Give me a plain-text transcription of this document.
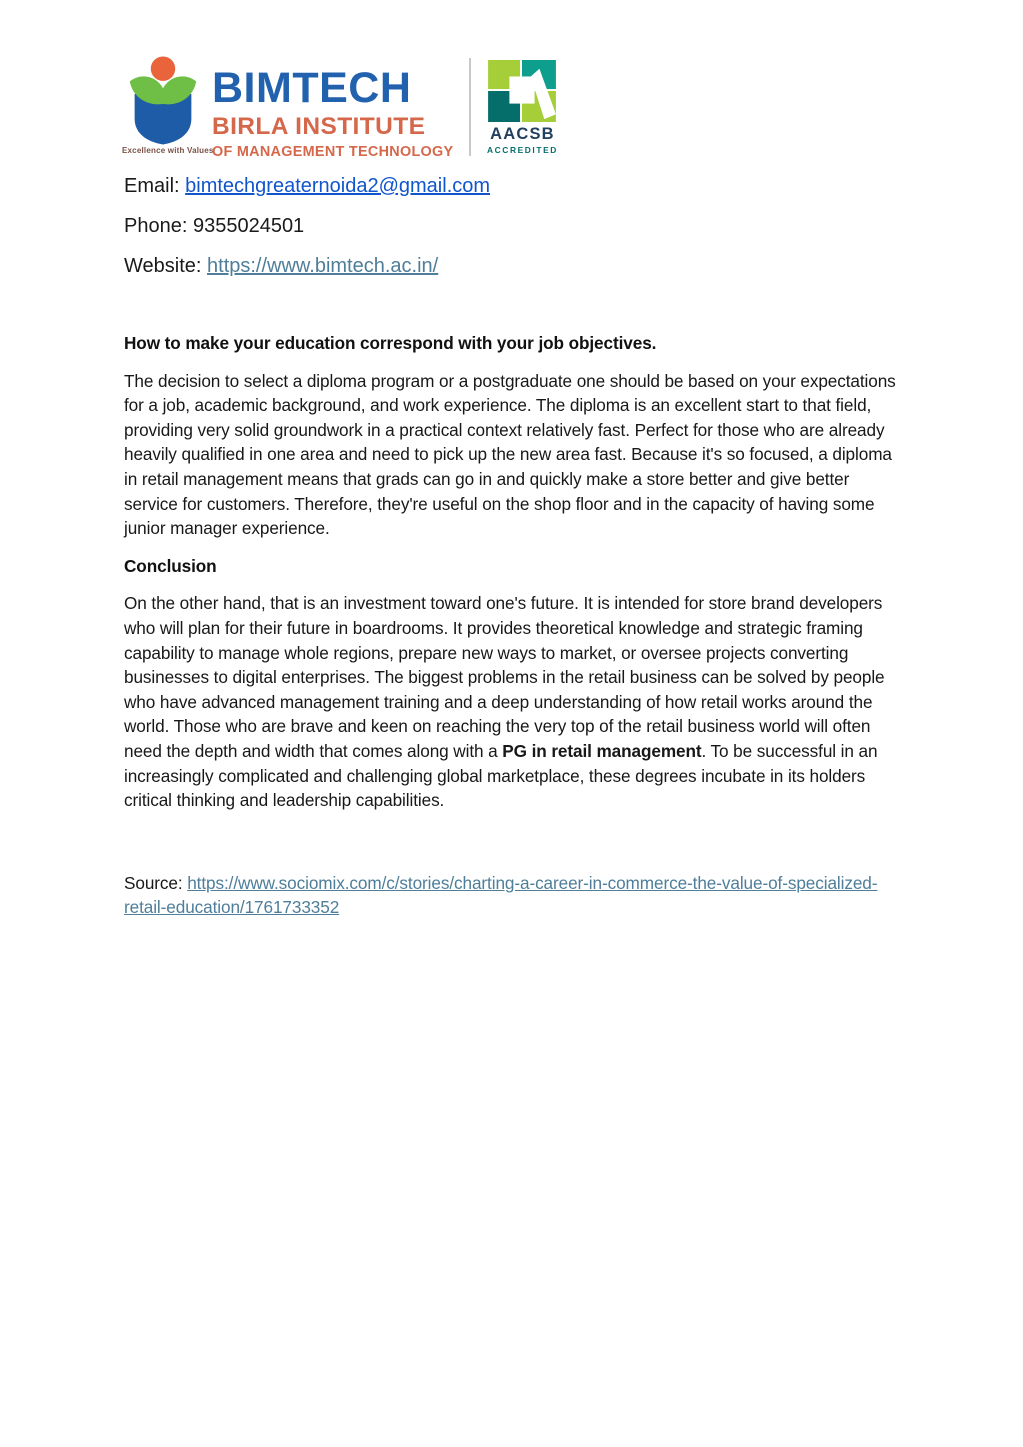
Excellence with Values
BIMTECH
BIRLA INSTITUTE
OF MANAGEMENT TECHNOLOGY
AACSB
ACCREDITED
Email: bimtechgreaternoida2@gmail.com
Phone: 9355024501
Website: https://www.bimtech.ac.in/
How to make your education correspond with your job objectives.

The decision to select a diploma program or a postgraduate one should be based on your expectations for a job, academic background, and work experience. The diploma is an excellent start to that field, providing very solid groundwork in a practical context relatively fast. Perfect for those who are already heavily qualified in one area and need to pick up the new area fast. Because it's so focused, a diploma in retail management means that grads can go in and quickly make a store better and give better service for customers. Therefore, they're useful on the shop floor and in the capacity of having some junior manager experience.

Conclusion

On the other hand, that is an investment toward one's future. It is intended for store brand developers who will plan for their future in boardrooms. It provides theoretical knowledge and strategic framing capability to manage whole regions, prepare new ways to market, or oversee projects converting businesses to digital enterprises. The biggest problems in the retail business can be solved by people who have advanced management training and a deep understanding of how retail works around the world. Those who are brave and keen on reaching the very top of the retail business world will often need the depth and width that comes along with a PG in retail management. To be successful in an increasingly complicated and challenging global marketplace, these degrees incubate in its holders critical thinking and leadership capabilities.

Source: https://www.sociomix.com/c/stories/charting-a-career-in-commerce-the-value-of-specialized-retail-education/1761733352
